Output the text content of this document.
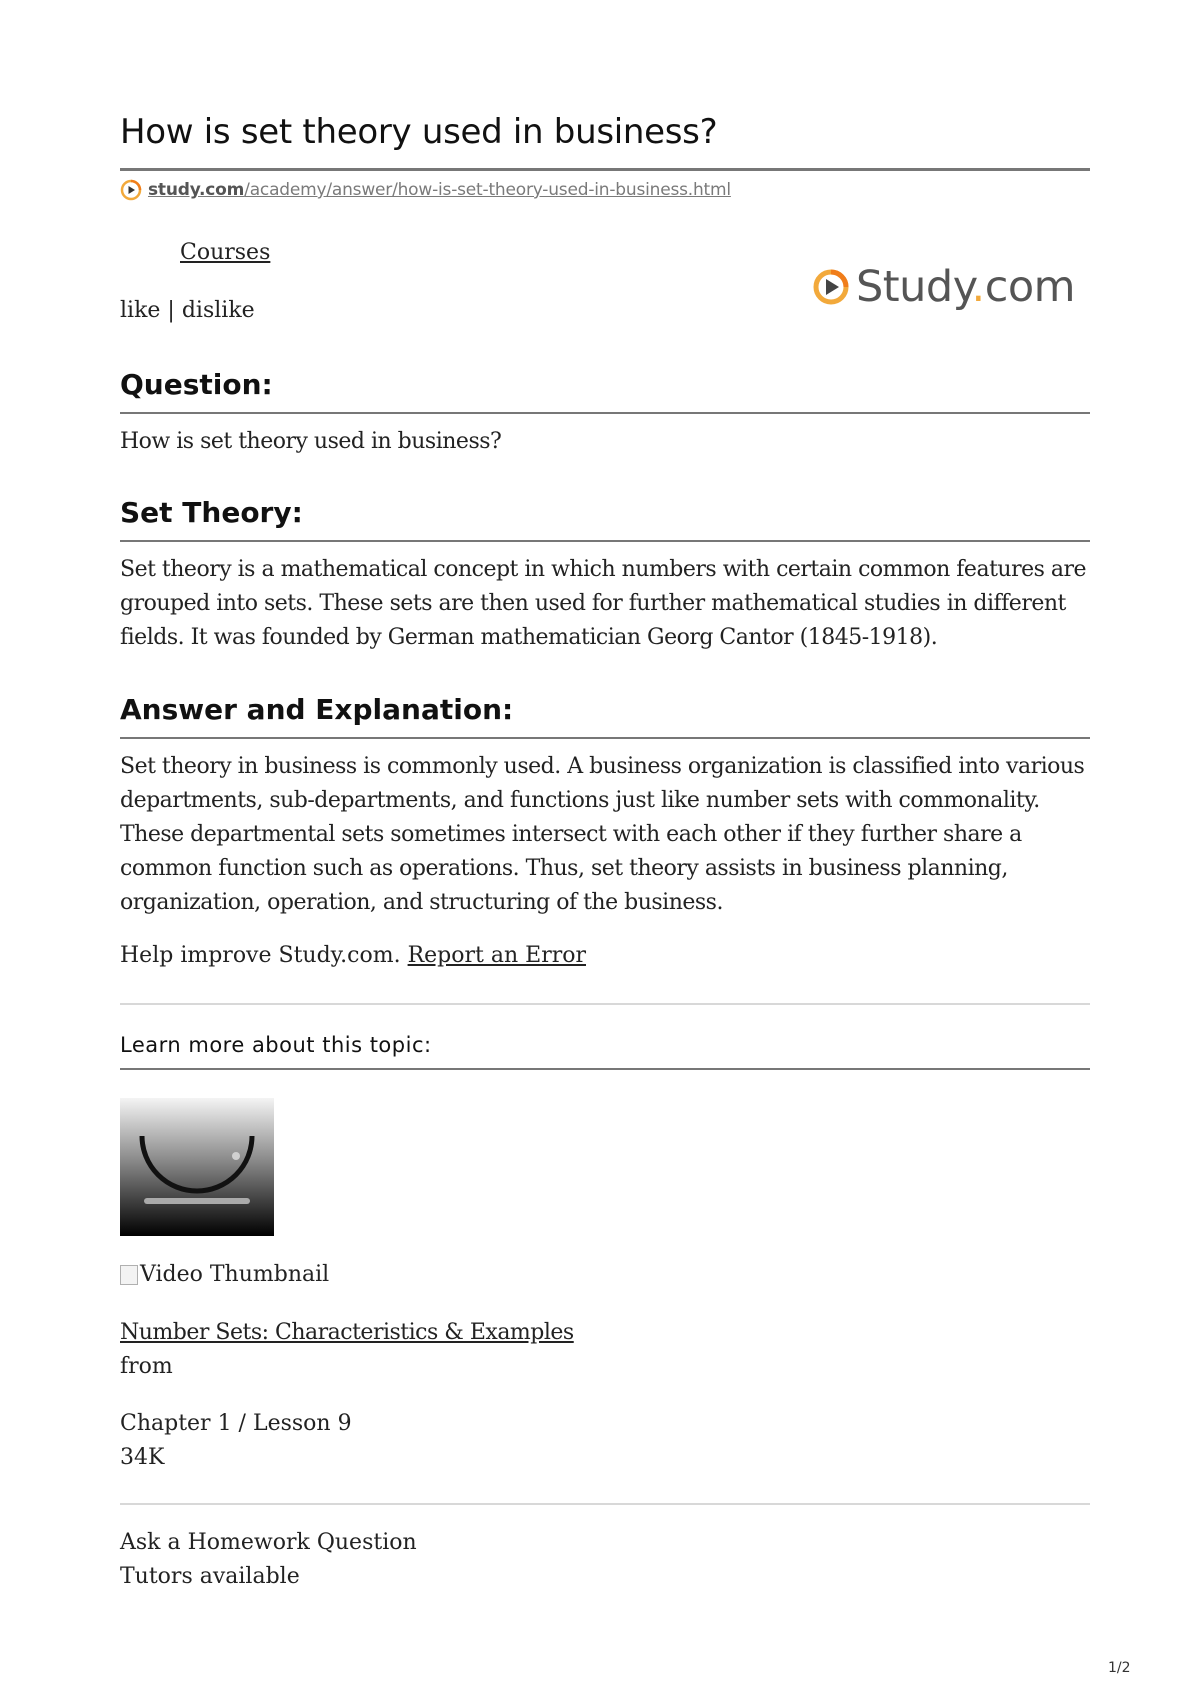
How is set theory used in business?
study.com/academy/answer/how-is-set-theory-used-in-business.html
Courses
like | dislike	Study.com
Question:
How is set theory used in business?
Set Theory:
Set theory is a mathematical concept in which numbers with certain common features are grouped into sets. These sets are then used for further mathematical studies in different fields. It was founded by German mathematician Georg Cantor (1845-1918).
Answer and Explanation:
Set theory in business is commonly used. A business organization is classified into various departments, sub-departments, and functions just like number sets with commonality. These departmental sets sometimes intersect with each other if they further share a common function such as operations. Thus, set theory assists in business planning, organization, operation, and structuring of the business.
Help improve Study.com. Report an Error
Learn more about this topic:
Video Thumbnail
Number Sets: Characteristics & Examples
from
Chapter 1 / Lesson 9
34K
Ask a Homework Question
Tutors available
1/2
